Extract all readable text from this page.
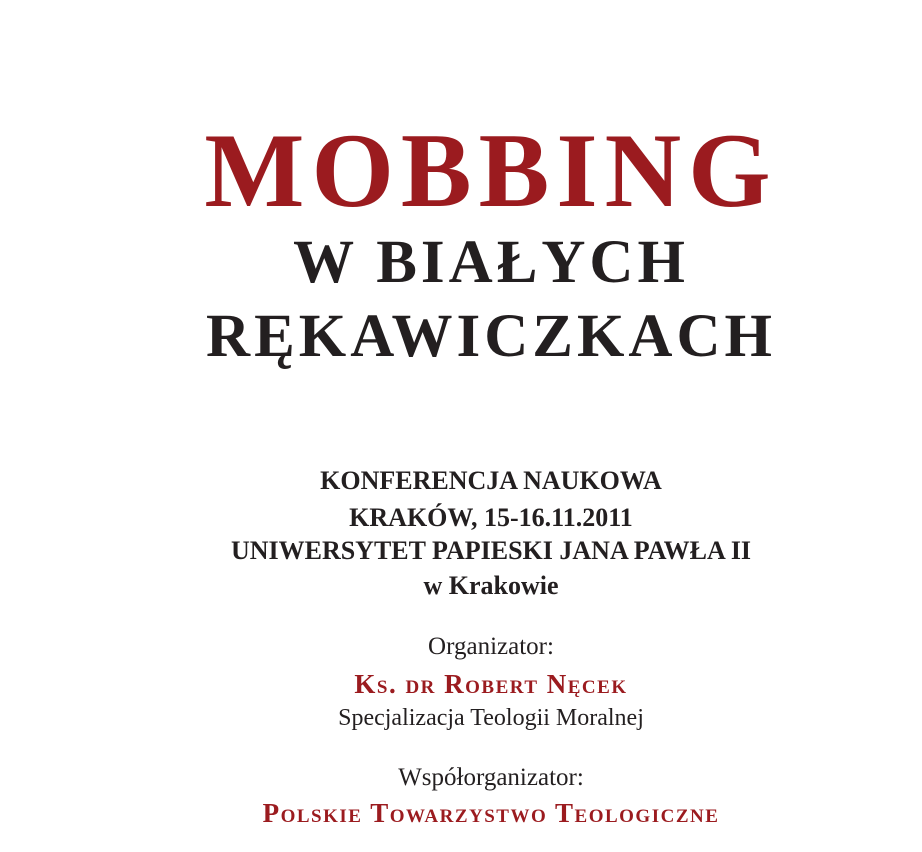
MOBBING
W BIAŁYCH
RĘKAWICZKACH

KONFERENCJA NAUKOWA

KRAKÓW, 15-16.11.2011

UNIWERSYTET PAPIESKI JANA PAWŁA II

w Krakowie

Organizator:

Ks. dr Robert Nęcek

Specjalizacja Teologii Moralnej

Współorganizator:

Polskie Towarzystwo Teologiczne
